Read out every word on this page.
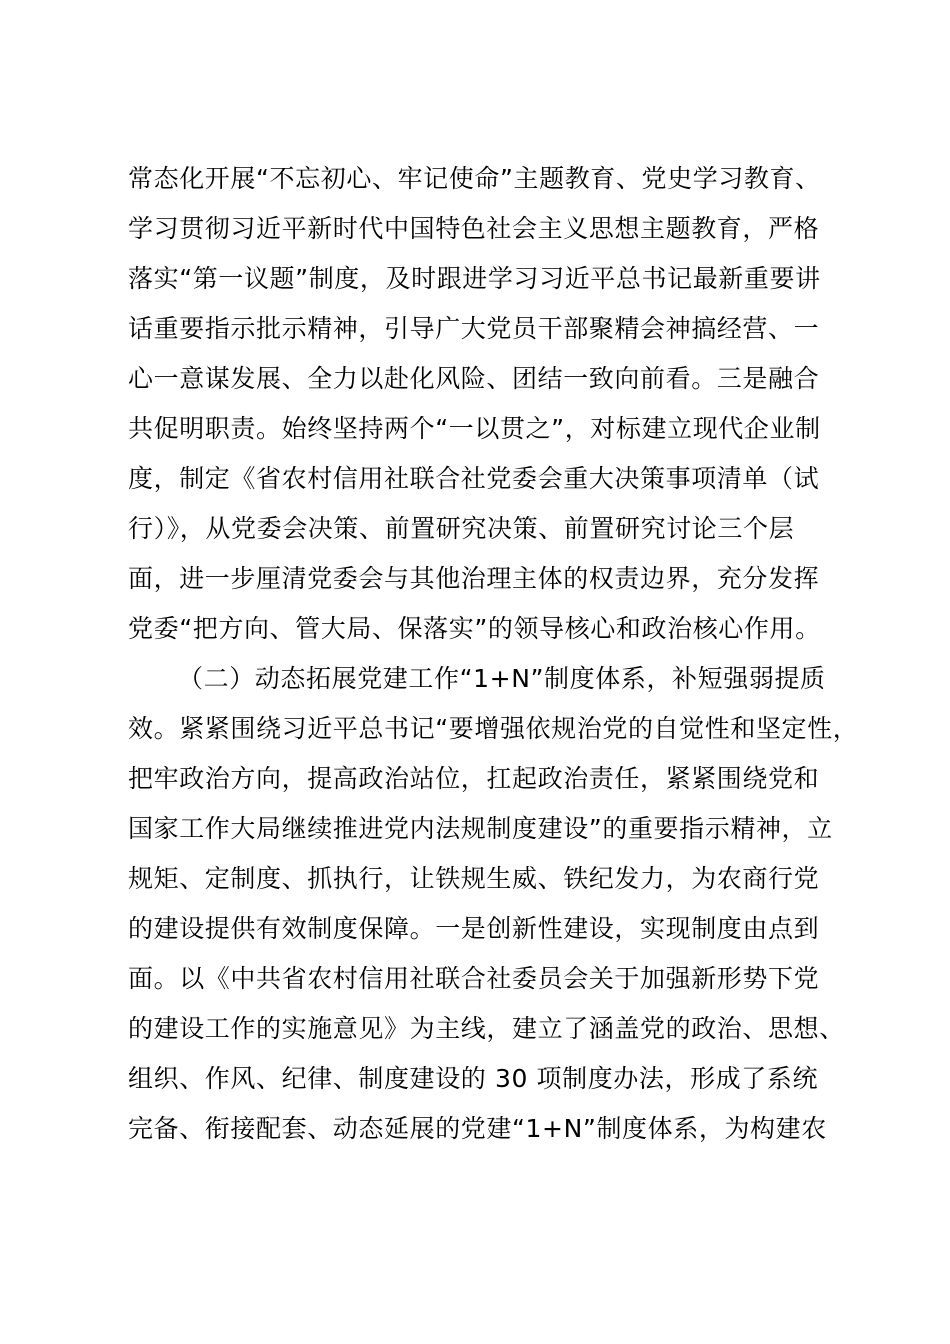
常态化开展“不忘初心、牢记使命”主题教育、党史学习教育、
学习贯彻习近平新时代中国特色社会主义思想主题教育，严格
落实“第一议题”制度，及时跟进学习习近平总书记最新重要讲
话重要指示批示精神，引导广大党员干部聚精会神搞经营、一
心一意谋发展、全力以赴化风险、团结一致向前看。三是融合
共促明职责。始终坚持两个“一以贯之”，对标建立现代企业制
度，制定《省农村信用社联合社党委会重大决策事项清单（试
行）》，从党委会决策、前置研究决策、前置研究讨论三个层
面，进一步厘清党委会与其他治理主体的权责边界，充分发挥
党委“把方向、管大局、保落实”的领导核心和政治核心作用。
（二）动态拓展党建工作“1+N”制度体系，补短强弱提质
效。紧紧围绕习近平总书记“要增强依规治党的自觉性和坚定性，
把牢政治方向，提高政治站位，扛起政治责任，紧紧围绕党和
国家工作大局继续推进党内法规制度建设”的重要指示精神，立
规矩、定制度、抓执行，让铁规生威、铁纪发力，为农商行党
的建设提供有效制度保障。一是创新性建设，实现制度由点到
面。以《中共省农村信用社联合社委员会关于加强新形势下党
的建设工作的实施意见》为主线，建立了涵盖党的政治、思想、
组织、作风、纪律、制度建设的 30 项制度办法，形成了系统
完备、衔接配套、动态延展的党建“1+N”制度体系，为构建农
